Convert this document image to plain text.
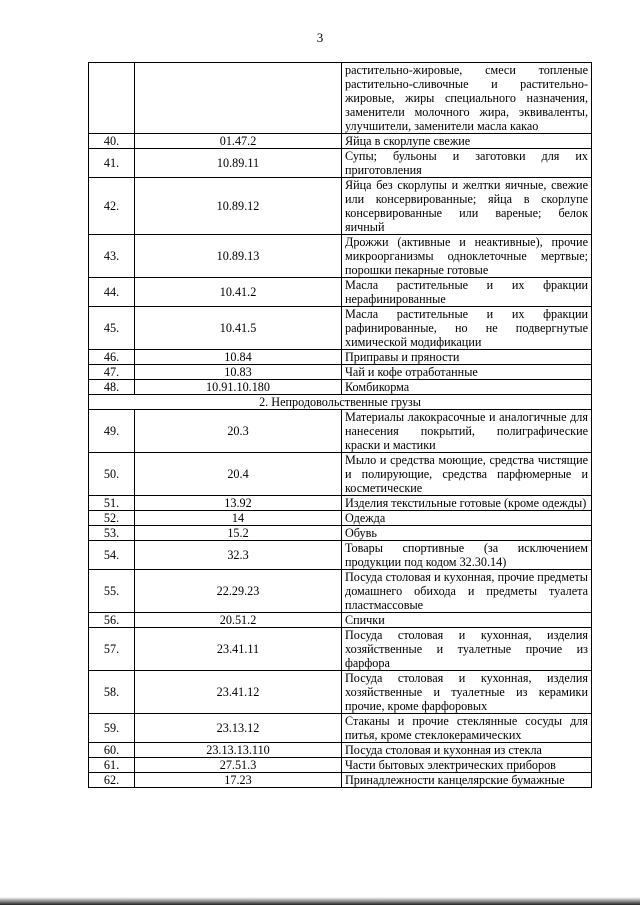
3
		растительно-жировые, смеси топленые растительно-сливочные и растительно-жировые, жиры специального назначения, заменители молочного жира, эквиваленты, улучшители, заменители масла какао
40.	01.47.2	Яйца в скорлупе свежие
41.	10.89.11	Супы; бульоны и заготовки для их приготовления
42.	10.89.12	Яйца без скорлупы и желтки яичные, свежие или консервированные; яйца в скорлупе консервированные или вареные; белок яичный
43.	10.89.13	Дрожжи (активные и неактивные), прочие микроорганизмы одноклеточные мертвые; порошки пекарные готовые
44.	10.41.2	Масла растительные и их фракции нерафинированные
45.	10.41.5	Масла растительные и их фракции рафинированные, но не подвергнутые химической модификации
46.	10.84	Приправы и пряности
47.	10.83	Чай и кофе отработанные
48.	10.91.10.180	Комбикорма
2. Непродовольственные грузы		
49.	20.3	Материалы лакокрасочные и аналогичные для нанесения покрытий, полиграфические краски и мастики
50.	20.4	Мыло и средства моющие, средства чистящие и полирующие, средства парфюмерные и косметические
51.	13.92	Изделия текстильные готовые (кроме одежды)
52.	14	Одежда
53.	15.2	Обувь
54.	32.3	Товары спортивные (за исключением продукции под кодом 32.30.14)
55.	22.29.23	Посуда столовая и кухонная, прочие предметы домашнего обихода и предметы туалета пластмассовые
56.	20.51.2	Спички
57.	23.41.11	Посуда столовая и кухонная, изделия хозяйственные и туалетные прочие из фарфора
58.	23.41.12	Посуда столовая и кухонная, изделия хозяйственные и туалетные из керамики прочие, кроме фарфоровых
59.	23.13.12	Стаканы и прочие стеклянные сосуды для питья, кроме стеклокерамических
60.	23.13.13.110	Посуда столовая и кухонная из стекла
61.	27.51.3	Части бытовых электрических приборов
62.	17.23	Принадлежности канцелярские бумажные
